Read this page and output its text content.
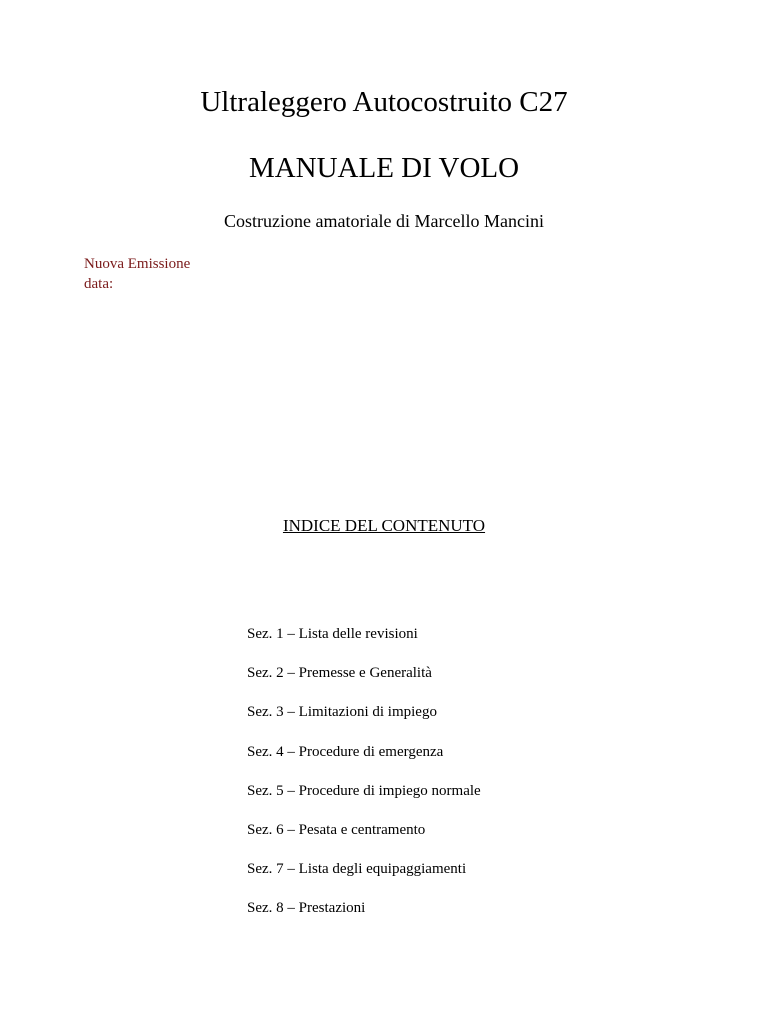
Ultraleggero Autocostruito C27
MANUALE DI VOLO

Costruzione amatoriale di Marcello Mancini

Nuova Emissione
data:
INDICE DEL CONTENUTO
Sez. 1 – Lista delle revisioni
Sez. 2 – Premesse e Generalità
Sez. 3 – Limitazioni di impiego
Sez. 4 – Procedure di emergenza
Sez. 5 – Procedure di impiego normale
Sez. 6 – Pesata e centramento
Sez. 7 – Lista degli equipaggiamenti
Sez. 8 – Prestazioni
